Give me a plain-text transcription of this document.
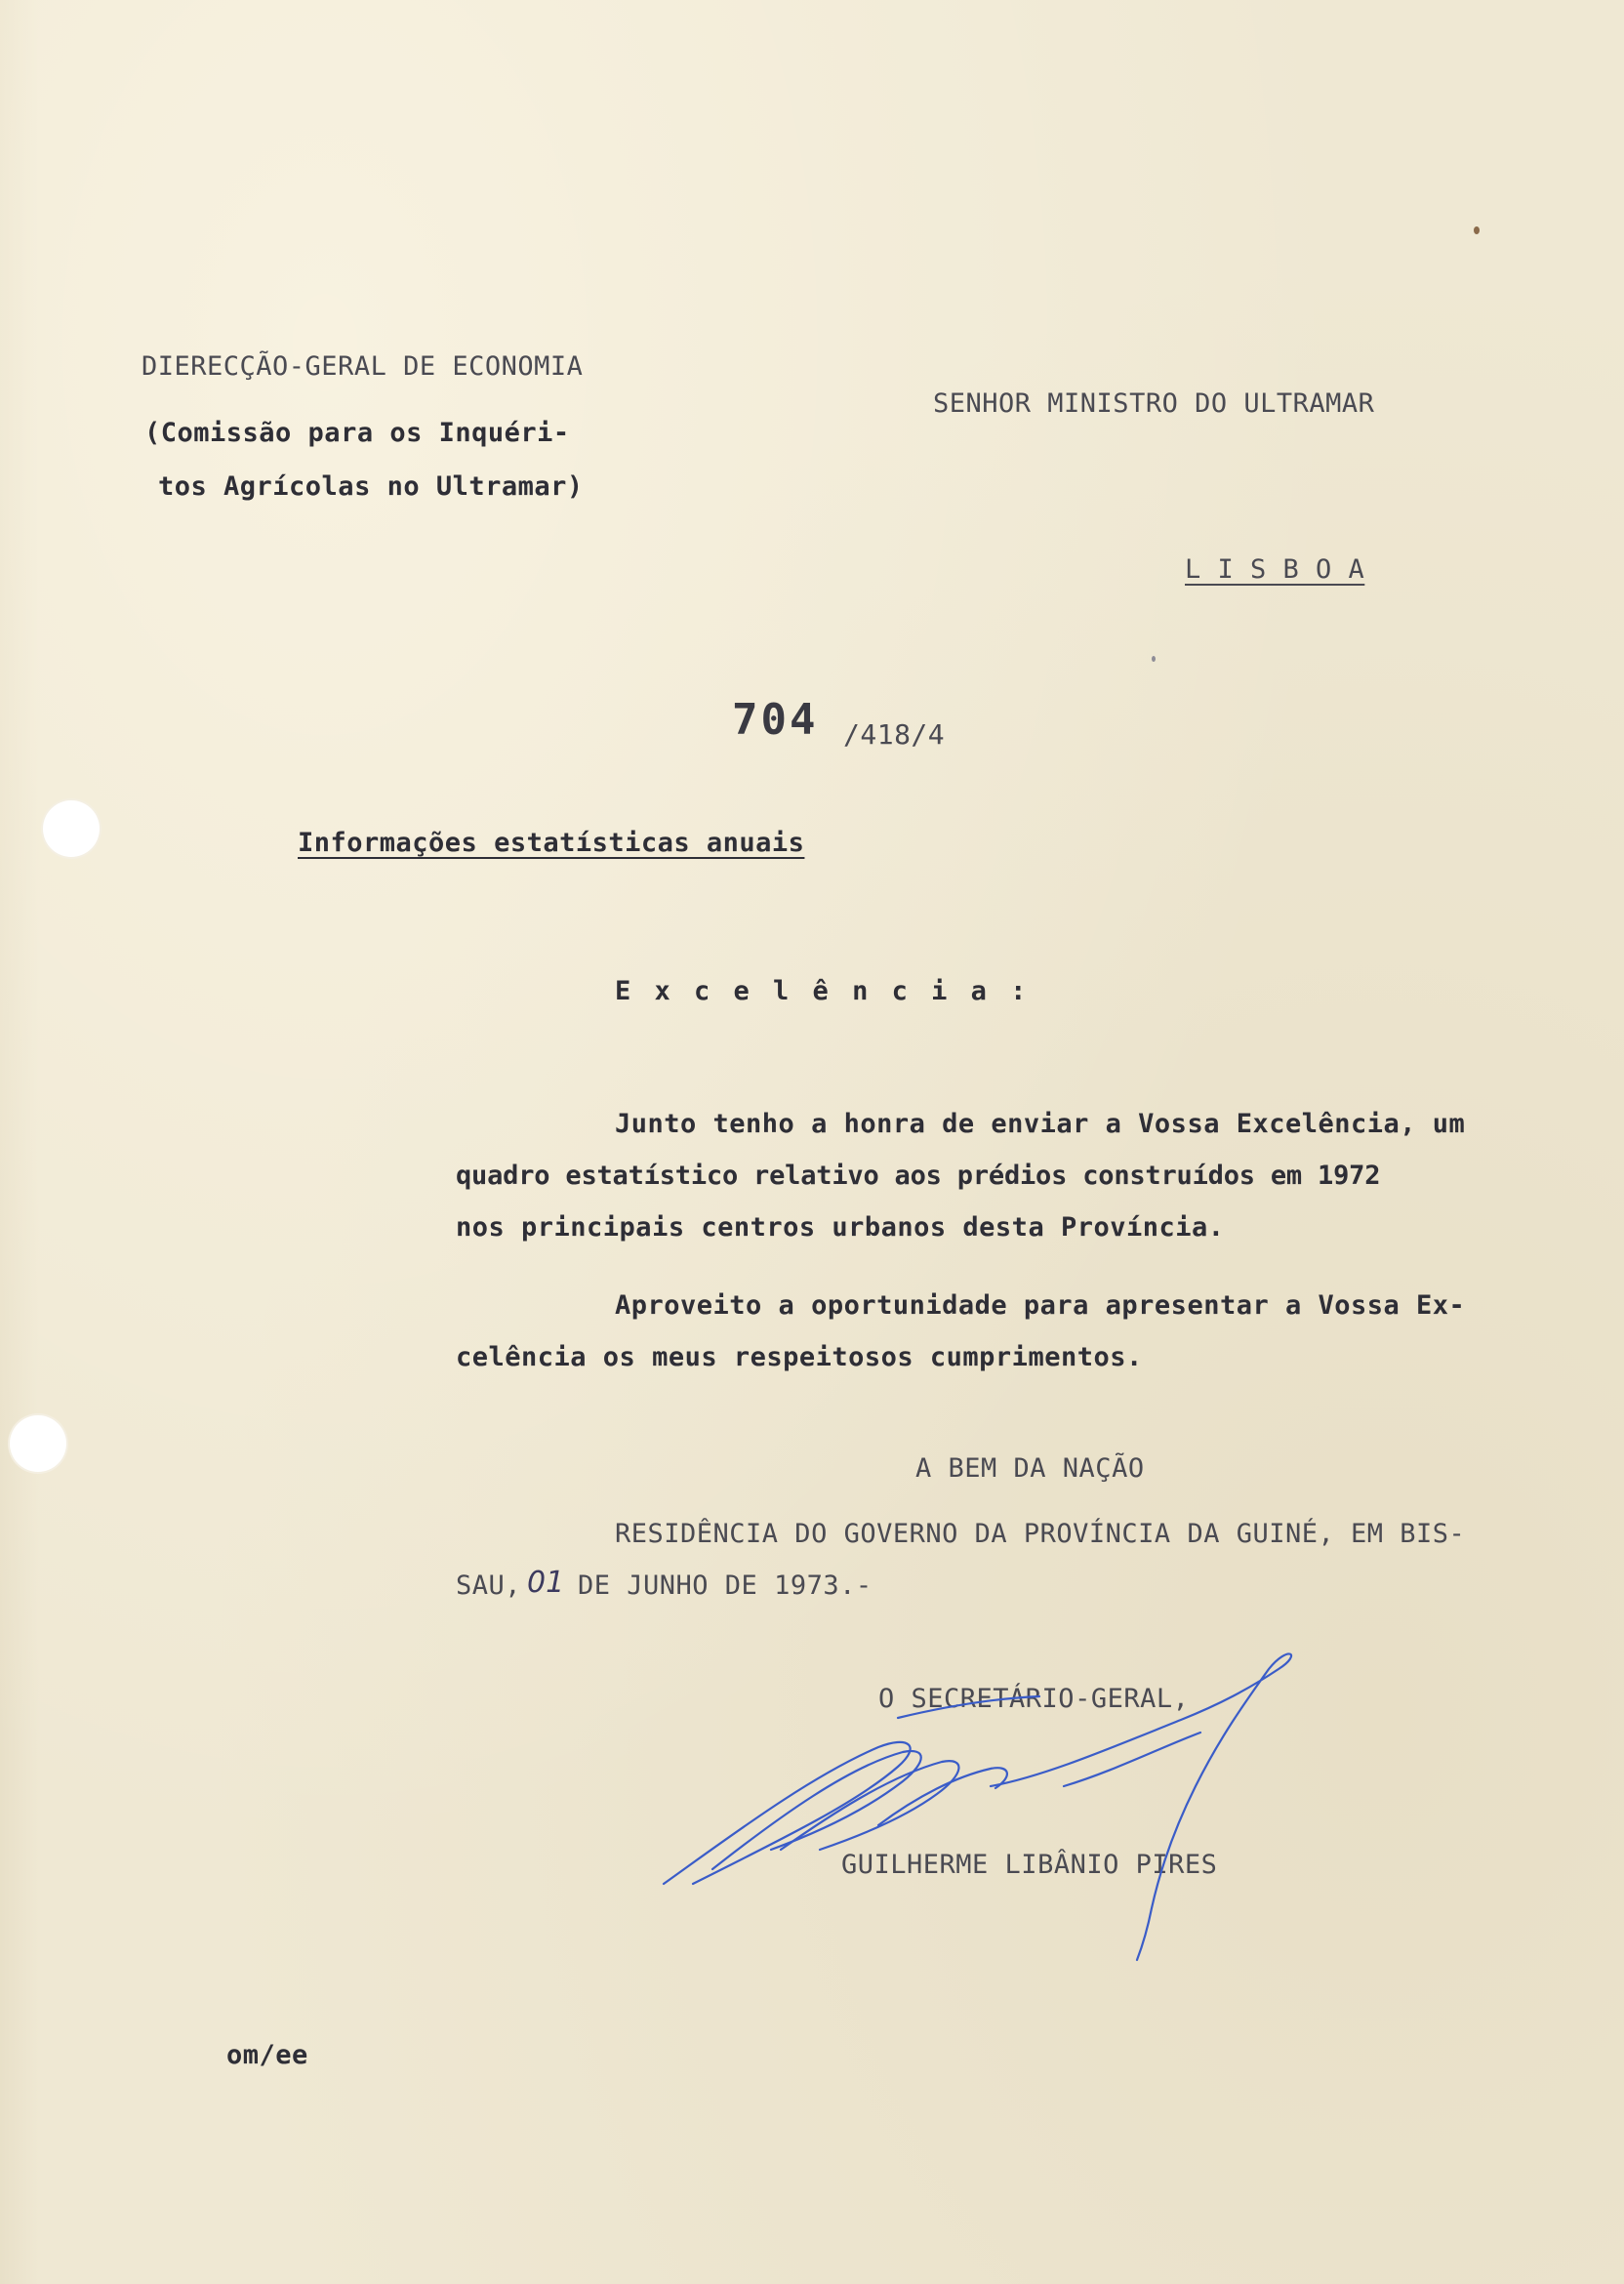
DIERECÇÃO-GERAL DE ECONOMIA
(Comissão para os Inquéri-
tos Agrícolas no Ultramar)
SENHOR MINISTRO DO ULTRAMAR
L I S B O A
704 /418/4
Informações estatísticas anuais
E x c e l ê n c i a :
Junto tenho a honra de enviar a Vossa Excelência, um
quadro estatístico relativo aos prédios construídos em 1972
nos principais centros urbanos desta Província.
Aproveito a oportunidade para apresentar a Vossa Ex-
celência os meus respeitosos cumprimentos.
A BEM DA NAÇÃO
RESIDÊNCIA DO GOVERNO DA PROVÍNCIA DA GUINÉ, EM BIS-
SAU, 01 DE JUNHO DE 1973.-
O SECRETÁRIO-GERAL,
GUILHERME LIBÂNIO PIRES
om/ee
